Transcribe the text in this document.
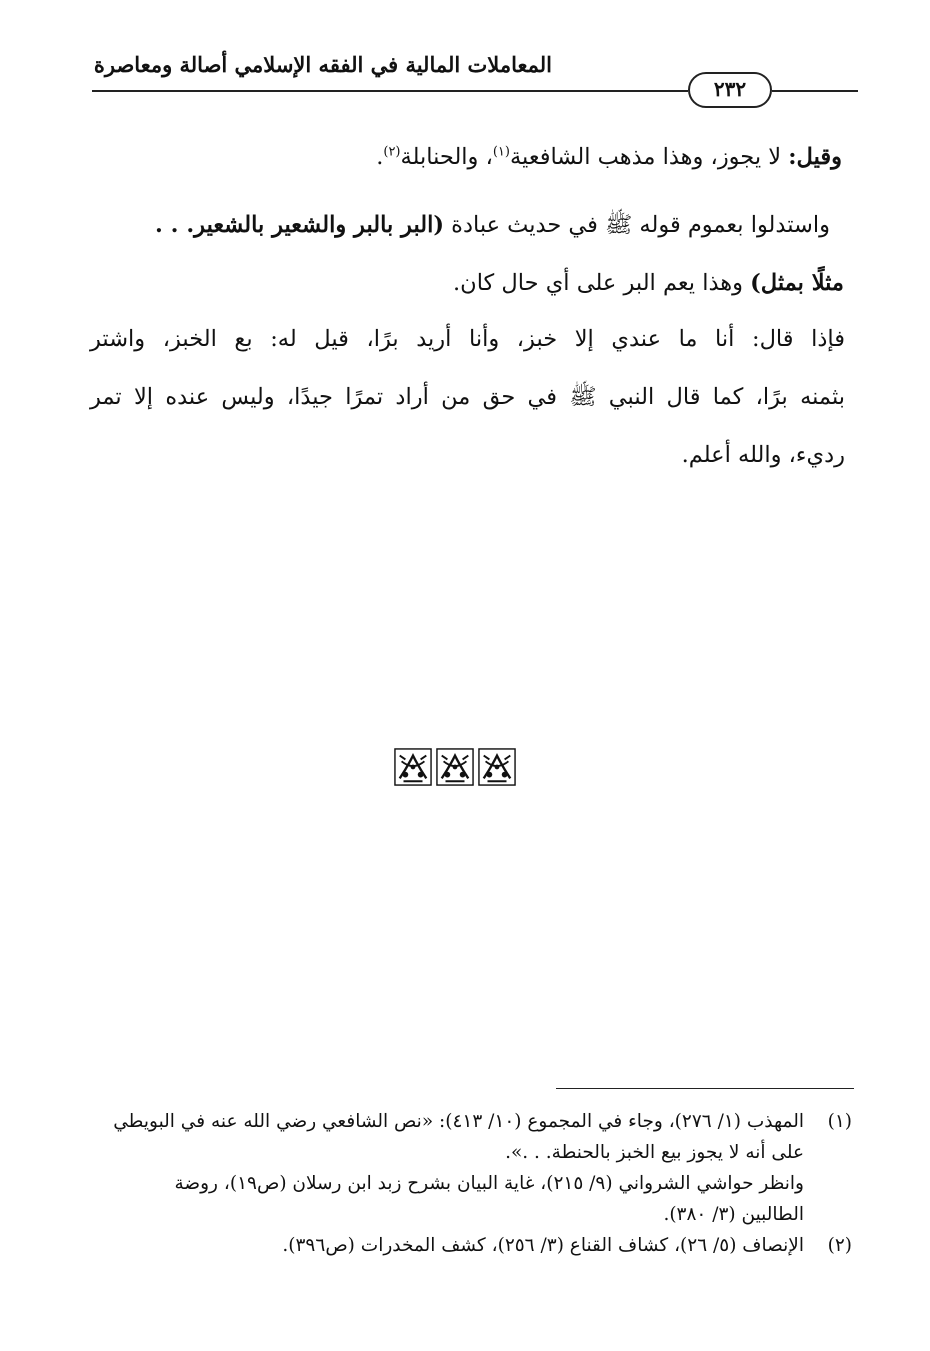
المعاملات المالية في الفقه الإسلامي أصالة ومعاصرة
٢٣٢
وقيل: لا يجوز، وهذا مذهب الشافعية$^{(١)}$، والحنابلة$^{(٢)}$.
واستدلوا بعموم قوله ﷺ في حديث عبادة (البر بالبر والشعير بالشعير. . .
مثلًا بمثل) وهذا يعم البر على أي حال كان.
فإذا قال: أنا ما عندي إلا خبز، وأنا أريد برًا، قيل له: بع الخبز، واشتر
بثمنه برًا، كما قال النبي ﷺ في حق من أراد تمرًا جيدًا، وليس عنده إلا تمر
رديء، والله أعلم.
(١)المهذب (١/ ٢٧٦)، وجاء في المجموع (١٠/ ٤١٣): «نص الشافعي رضي الله عنه في البويطي
على أنه لا يجوز بيع الخبز بالحنطة. . .».
وانظر حواشي الشرواني (٩/ ٢١٥)، غاية البيان بشرح زبد ابن رسلان (ص١٩)، روضة
الطالبين (٣/ ٣٨٠).
(٢)الإنصاف (٥/ ٢٦)، كشاف القناع (٣/ ٢٥٦)، كشف المخدرات (ص٣٩٦).
